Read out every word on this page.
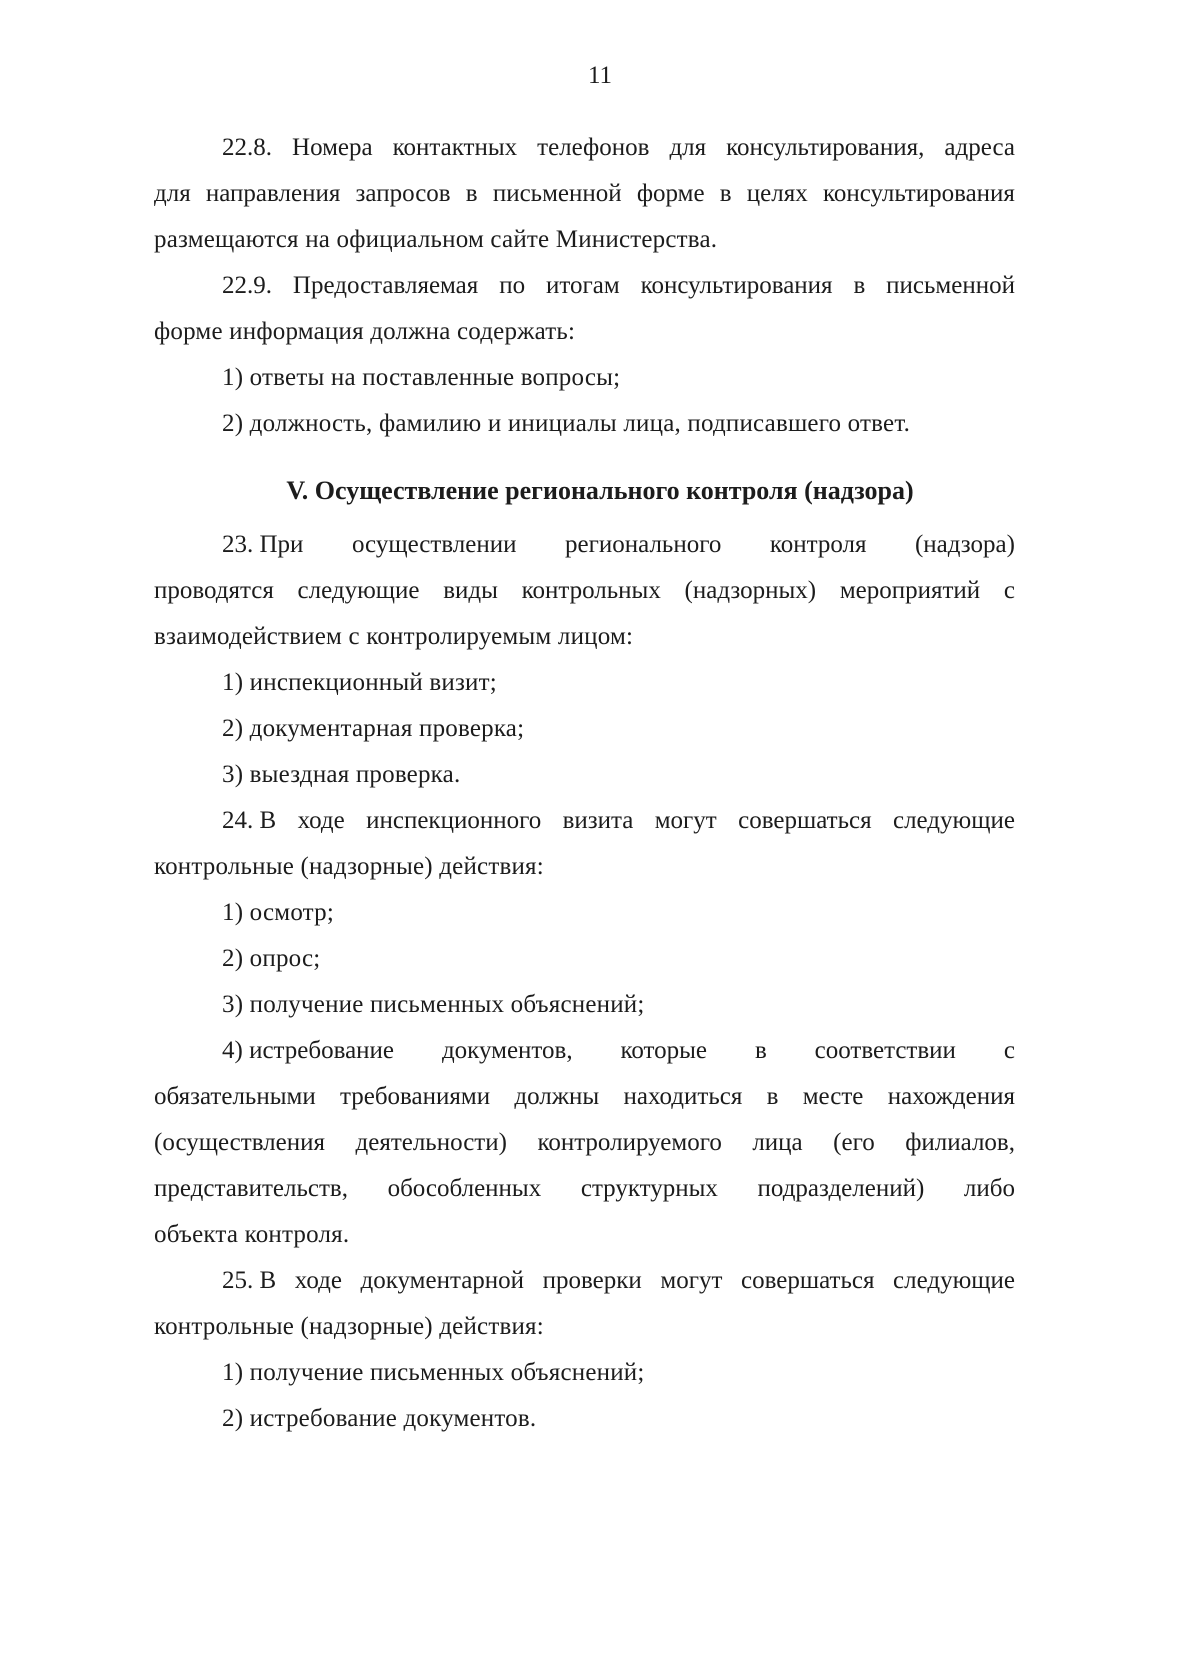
11
22.8. Номера контактных телефонов для консультирования, адреса
для направления запросов в письменной форме в целях консультирования
размещаются на официальном сайте Министерства.
22.9. Предоставляемая по итогам консультирования в письменной
форме информация должна содержать:
1) ответы на поставленные вопросы;
2) должность, фамилию и инициалы лица, подписавшего ответ.
V. Осуществление регионального контроля (надзора)
23. При осуществлении регионального контроля (надзора)
проводятся следующие виды контрольных (надзорных) мероприятий с
взаимодействием с контролируемым лицом:
1) инспекционный визит;
2) документарная проверка;
3) выездная проверка.
24. В ходе инспекционного визита могут совершаться следующие
контрольные (надзорные) действия:
1) осмотр;
2) опрос;
3) получение письменных объяснений;
4) истребование документов, которые в соответствии с
обязательными требованиями должны находиться в месте нахождения
(осуществления деятельности) контролируемого лица (его филиалов,
представительств, обособленных структурных подразделений) либо
объекта контроля.
25. В ходе документарной проверки могут совершаться следующие
контрольные (надзорные) действия:
1) получение письменных объяснений;
2) истребование документов.
